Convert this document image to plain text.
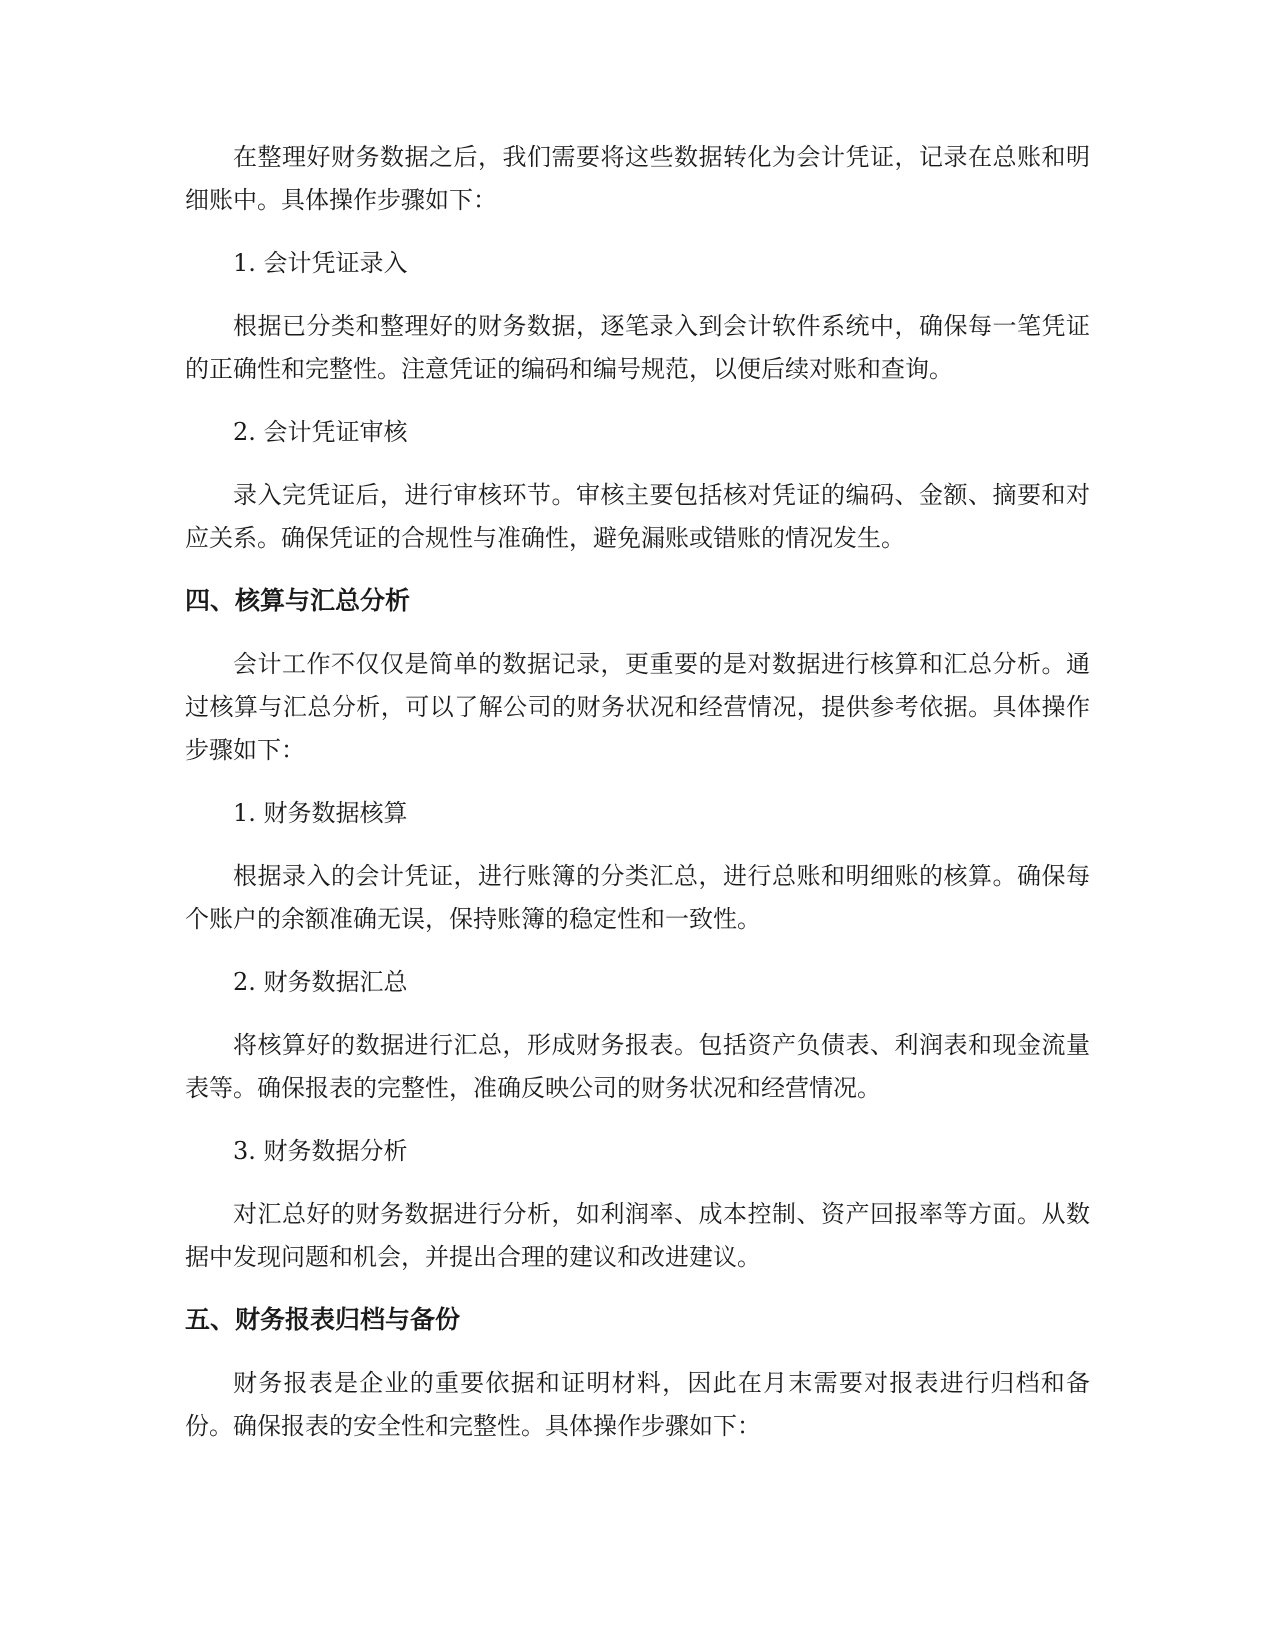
在整理好财务数据之后，我们需要将这些数据转化为会计凭证，记录在总账和明细账中。具体操作步骤如下：

1. 会计凭证录入

根据已分类和整理好的财务数据，逐笔录入到会计软件系统中，确保每一笔凭证的正确性和完整性。注意凭证的编码和编号规范，以便后续对账和查询。

2. 会计凭证审核

录入完凭证后，进行审核环节。审核主要包括核对凭证的编码、金额、摘要和对应关系。确保凭证的合规性与准确性，避免漏账或错账的情况发生。

四、核算与汇总分析

会计工作不仅仅是简单的数据记录，更重要的是对数据进行核算和汇总分析。通过核算与汇总分析，可以了解公司的财务状况和经营情况，提供参考依据。具体操作步骤如下：

1. 财务数据核算

根据录入的会计凭证，进行账簿的分类汇总，进行总账和明细账的核算。确保每个账户的余额准确无误，保持账簿的稳定性和一致性。

2. 财务数据汇总

将核算好的数据进行汇总，形成财务报表。包括资产负债表、利润表和现金流量表等。确保报表的完整性，准确反映公司的财务状况和经营情况。

3. 财务数据分析

对汇总好的财务数据进行分析，如利润率、成本控制、资产回报率等方面。从数据中发现问题和机会，并提出合理的建议和改进建议。

五、财务报表归档与备份

财务报表是企业的重要依据和证明材料，因此在月末需要对报表进行归档和备份。确保报表的安全性和完整性。具体操作步骤如下：
